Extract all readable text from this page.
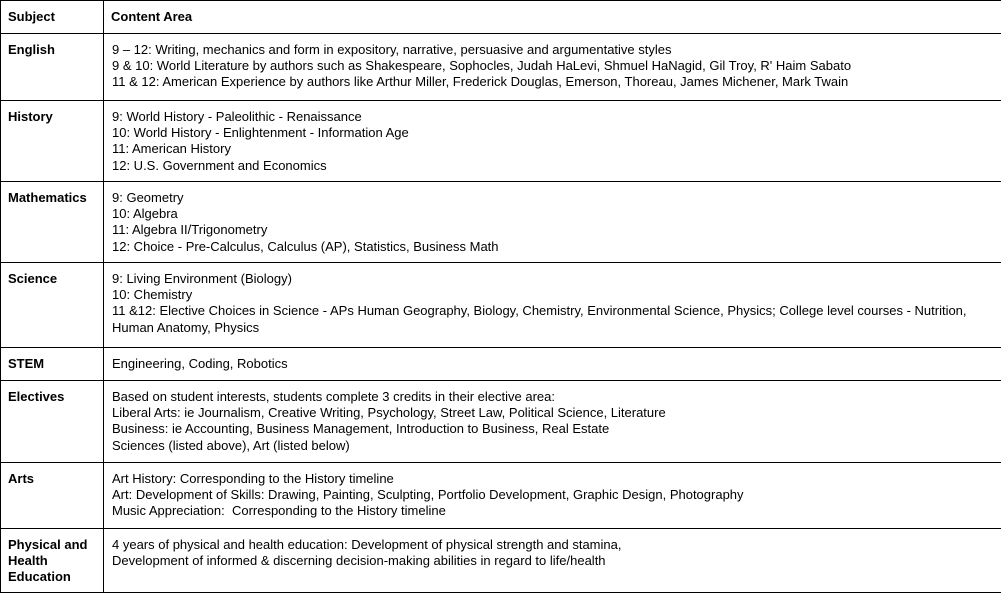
Subject	Content Area
English	9 – 12: Writing, mechanics and form in expository, narrative, persuasive and argumentative styles
9 & 10: World Literature by authors such as Shakespeare, Sophocles, Judah HaLevi, Shmuel HaNagid, Gil Troy, R' Haim Sabato
11 & 12: American Experience by authors like Arthur Miller, Frederick Douglas, Emerson, Thoreau, James Michener, Mark Twain

History	9: World History - Paleolithic - Renaissance
10: World History - Enlightenment - Information Age
11: American History
12: U.S. Government and Economics

Mathematics	9: Geometry
10: Algebra
11: Algebra II/Trigonometry
12: Choice - Pre-Calculus, Calculus (AP), Statistics, Business Math

Science	9: Living Environment (Biology)
10: Chemistry
11 &12: Elective Choices in Science - APs Human Geography, Biology, Chemistry, Environmental Science, Physics; College level courses - Nutrition, Human Anatomy, Physics

STEM	Engineering, Coding, Robotics

Electives	Based on student interests, students complete 3 credits in their elective area:
Liberal Arts: ie Journalism, Creative Writing, Psychology, Street Law, Political Science, Literature
Business: ie Accounting, Business Management, Introduction to Business, Real Estate
Sciences (listed above), Art (listed below)

Arts	Art History: Corresponding to the History timeline
Art: Development of Skills: Drawing, Painting, Sculpting, Portfolio Development, Graphic Design, Photography
Music Appreciation:  Corresponding to the History timeline

Physical and Health Education	4 years of physical and health education: Development of physical strength and stamina,
Development of informed & discerning decision-making abilities in regard to life/health
